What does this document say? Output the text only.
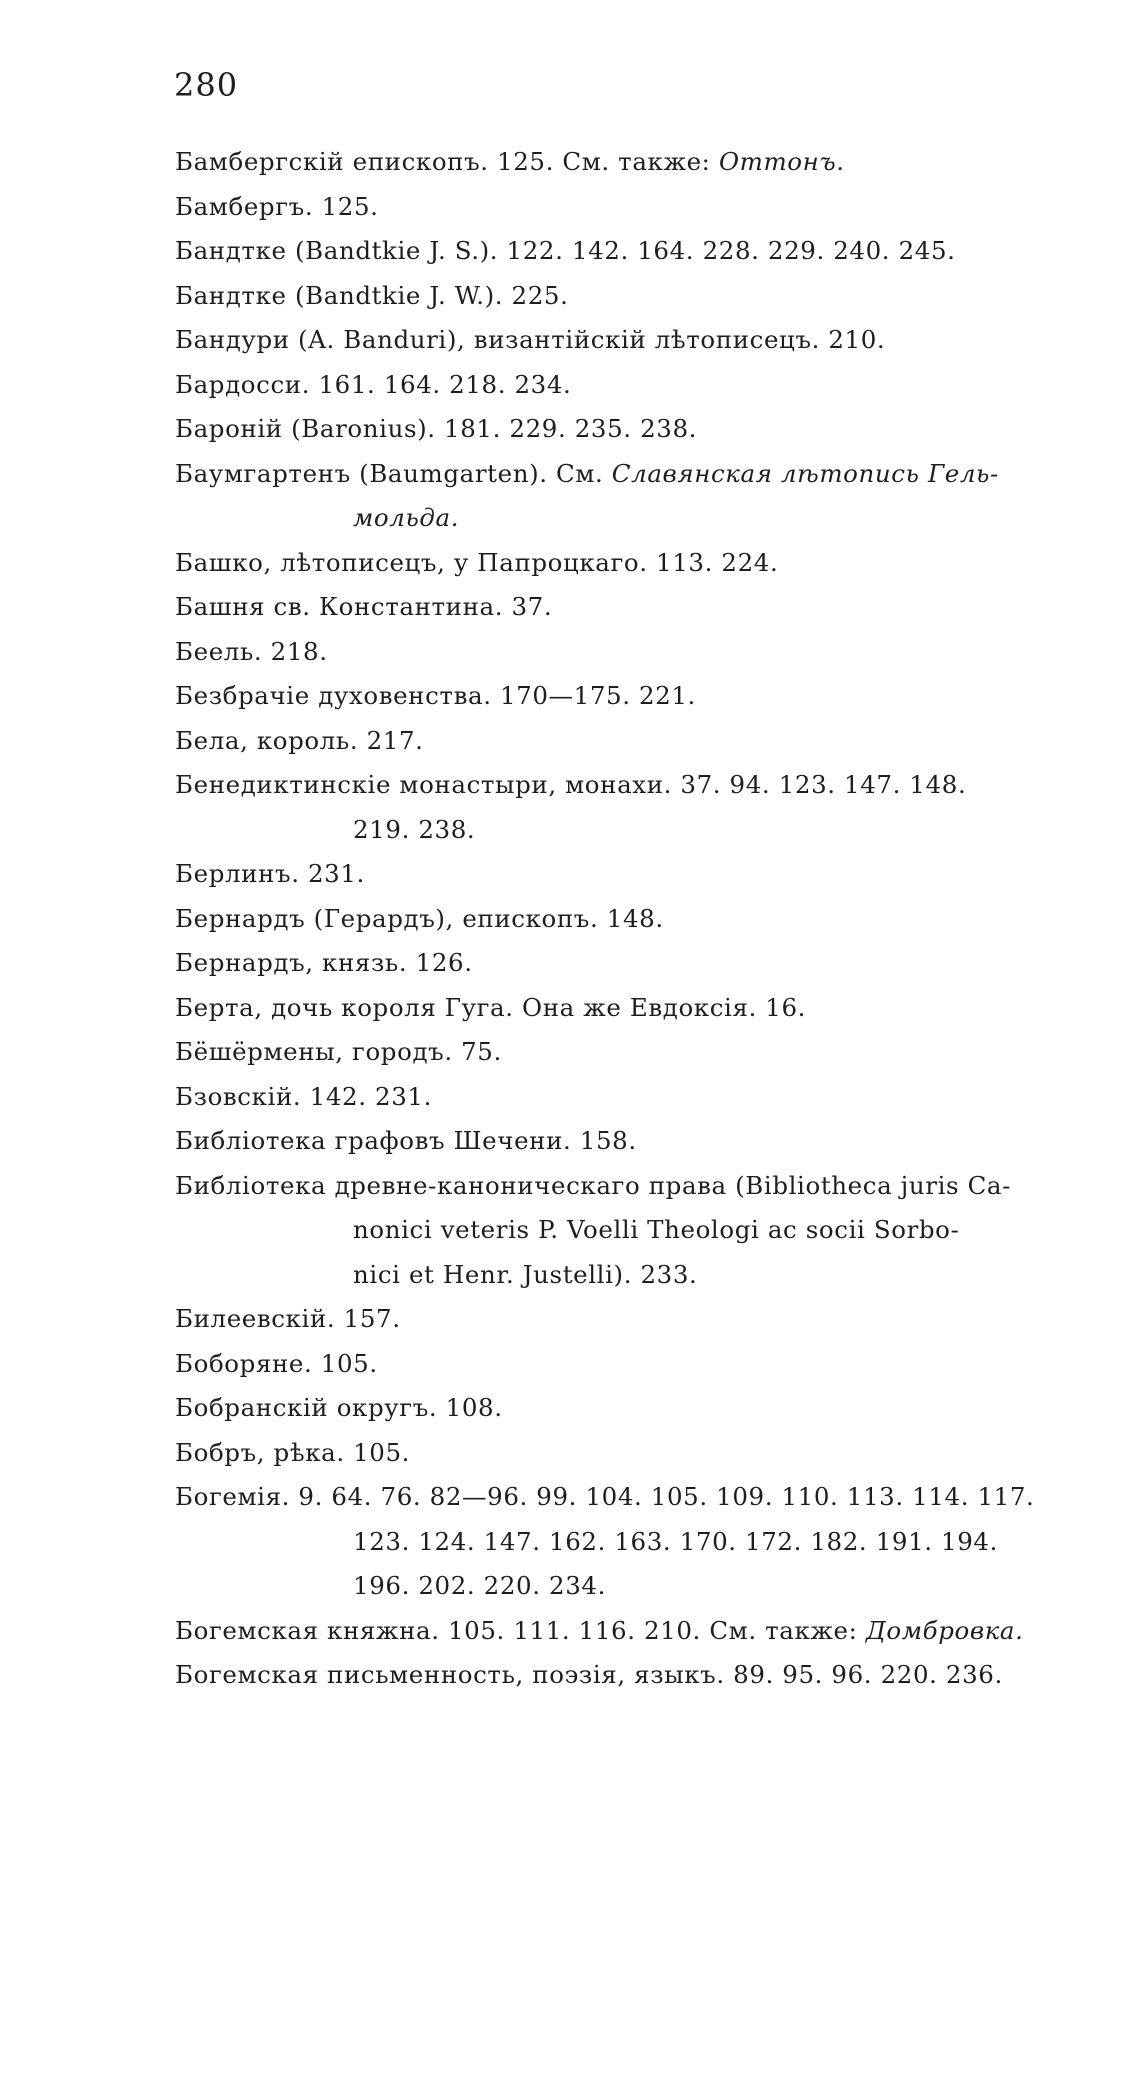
280
Бамбергскій епископъ. 125. См. также: Оттонъ.
Бамбергъ. 125.
Бандтке (Bandtkie J. S.). 122. 142. 164. 228. 229. 240. 245.
Бандтке (Bandtkie J. W.). 225.
Бандури (A. Banduri), византійскій лѣтописецъ. 210.
Бардосси. 161. 164. 218. 234.
Бароній (Baronius). 181. 229. 235. 238.
Баумгартенъ (Baumgarten). См. Славянская лѣтопись Гель-
мольда.
Башко, лѣтописецъ, у Папроцкаго. 113. 224.
Башня св. Константина. 37.
Беель. 218.
Безбрачіе духовенства. 170—175. 221.
Бела, король. 217.
Бенедиктинскіе монастыри, монахи. 37. 94. 123. 147. 148.
219. 238.
Берлинъ. 231.
Бернардъ (Герардъ), епископъ. 148.
Бернардъ, князь. 126.
Берта, дочь короля Гуга. Она же Евдоксія. 16.
Бёшёрмены, городъ. 75.
Бзовскій. 142. 231.
Библіотека графовъ Шечени. 158.
Библіотека древне-каноническаго права (Bibliotheca juris Ca-
nonici veteris P. Voelli Theologi ac socii Sorbo-
nici et Henr. Justelli). 233.
Билеевскій. 157.
Боборяне. 105.
Бобранскій округъ. 108.
Бобръ, рѣка. 105.
Богемія. 9. 64. 76. 82—96. 99. 104. 105. 109. 110. 113. 114. 117.
123. 124. 147. 162. 163. 170. 172. 182. 191. 194.
196. 202. 220. 234.
Богемская княжна. 105. 111. 116. 210. См. также: Домбровка.
Богемская письменность, поэзія, языкъ. 89. 95. 96. 220. 236.
